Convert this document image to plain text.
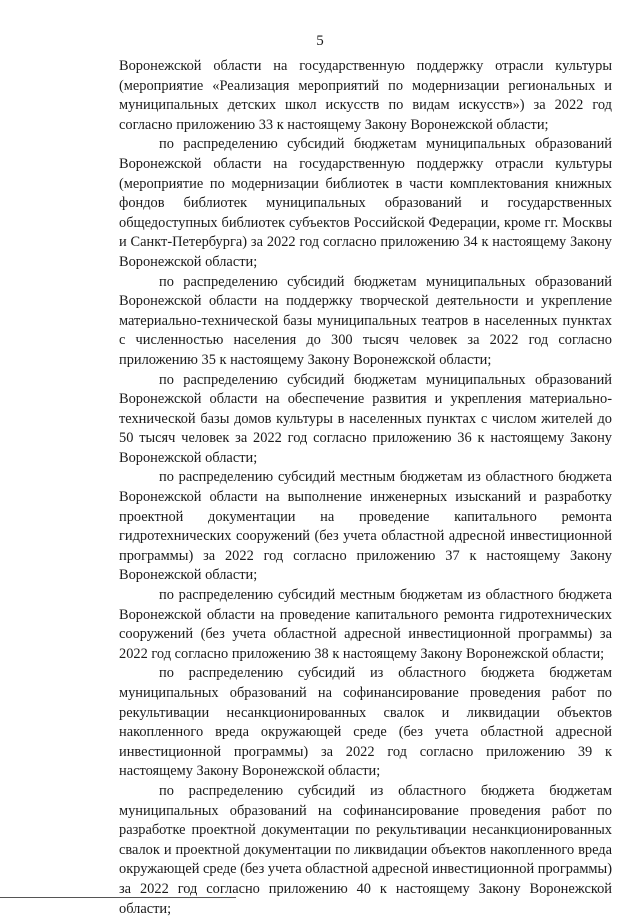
5

Воронежской области на государственную поддержку отрасли культуры (мероприятие «Реализация мероприятий по модернизации региональных и муниципальных детских школ искусств по видам искусств») за 2022 год согласно приложению 33 к настоящему Закону Воронежской области;

по распределению субсидий бюджетам муниципальных образований Воронежской области на государственную поддержку отрасли культуры (мероприятие по модернизации библиотек в части комплектования книжных фондов библиотек муниципальных образований и государственных общедоступных библиотек субъектов Российской Федерации, кроме гг. Москвы и Санкт-Петербурга) за 2022 год согласно приложению 34 к настоящему Закону Воронежской области;

по распределению субсидий бюджетам муниципальных образований Воронежской области на поддержку творческой деятельности и укрепление материально-технической базы муниципальных театров в населенных пунктах с численностью населения до 300 тысяч человек за 2022 год согласно приложению 35 к настоящему Закону Воронежской области;

по распределению субсидий бюджетам муниципальных образований Воронежской области на обеспечение развития и укрепления материально-технической базы домов культуры в населенных пунктах с числом жителей до 50 тысяч человек за 2022 год согласно приложению 36 к настоящему Закону Воронежской области;

по распределению субсидий местным бюджетам из областного бюджета Воронежской области на выполнение инженерных изысканий и разработку проектной документации на проведение капитального ремонта гидротехнических сооружений (без учета областной адресной инвестиционной программы) за 2022 год согласно приложению 37 к настоящему Закону Воронежской области;

по распределению субсидий местным бюджетам из областного бюджета Воронежской области на проведение капитального ремонта гидротехнических сооружений (без учета областной адресной инвестиционной программы) за 2022 год согласно приложению 38 к настоящему Закону Воронежской области;

по распределению субсидий из областного бюджета бюджетам муниципальных образований на софинансирование проведения работ по рекультивации несанкционированных свалок и ликвидации объектов накопленного вреда окружающей среде (без учета областной адресной инвестиционной программы) за 2022 год согласно приложению 39 к настоящему Закону Воронежской области;

по распределению субсидий из областного бюджета бюджетам муниципальных образований на софинансирование проведения работ по разработке проектной документации по рекультивации несанкционированных свалок и проектной документации по ликвидации объектов накопленного вреда окружающей среде (без учета областной адресной инвестиционной программы) за 2022 год согласно приложению 40 к настоящему Закону Воронежской области;
